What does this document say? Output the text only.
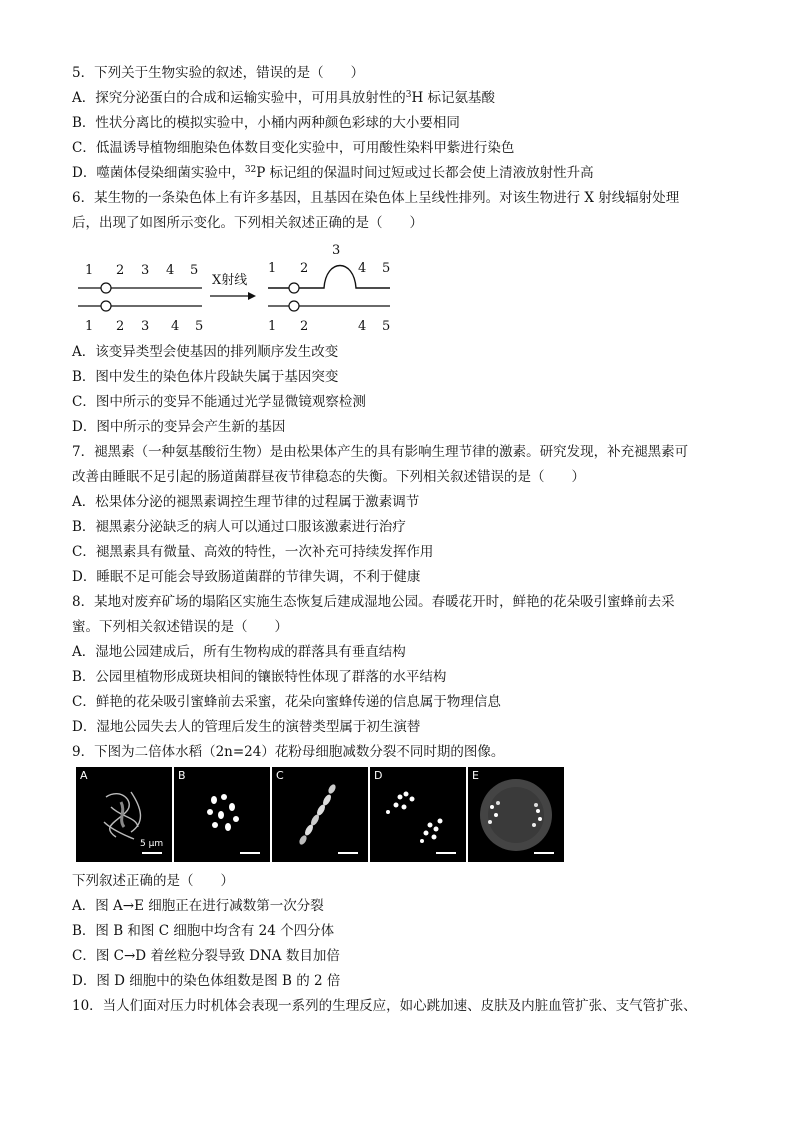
5．下列关于生物实验的叙述，错误的是（　　）
A．探究分泌蛋白的合成和运输实验中，可用具放射性的$^3$H 标记氨基酸
B．性状分离比的模拟实验中，小桶内两种颜色彩球的大小要相同
C．低温诱导植物细胞染色体数目变化实验中，可用酸性染料甲紫进行染色
D．噬菌体侵染细菌实验中，$^{32}$P 标记组的保温时间过短或过长都会使上清液放射性升高
6．某生物的一条染色体上有许多基因，且基因在染色体上呈线性排列。对该生物进行 X 射线辐射处理
后，出现了如图所示变化。下列相关叙述正确的是（　　）
1 2 3 4 5
1 2 3 4 5
X射线
1 2
3
4 5
1 2	4 5
A．该变异类型会使基因的排列顺序发生改变
B．图中发生的染色体片段缺失属于基因突变
C．图中所示的变异不能通过光学显微镜观察检测
D．图中所示的变异会产生新的基因
7．褪黑素（一种氨基酸衍生物）是由松果体产生的具有影响生理节律的激素。研究发现，补充褪黑素可
改善由睡眠不足引起的肠道菌群昼夜节律稳态的失衡。下列相关叙述错误的是（　　）
A．松果体分泌的褪黑素调控生理节律的过程属于激素调节
B．褪黑素分泌缺乏的病人可以通过口服该激素进行治疗
C．褪黑素具有微量、高效的特性，一次补充可持续发挥作用
D．睡眠不足可能会导致肠道菌群的节律失调，不利于健康
8．某地对废弃矿场的塌陷区实施生态恢复后建成湿地公园。春暖花开时，鲜艳的花朵吸引蜜蜂前去采
蜜。下列相关叙述错误的是（　　）
A．湿地公园建成后，所有生物构成的群落具有垂直结构
B．公园里植物形成斑块相间的镶嵌特性体现了群落的水平结构
C．鲜艳的花朵吸引蜜蜂前去采蜜，花朵向蜜蜂传递的信息属于物理信息
D．湿地公园失去人的管理后发生的演替类型属于初生演替
9．下图为二倍体水稻（2n=24）花粉母细胞减数分裂不同时期的图像。
A
5 μm
B	C	D	E
下列叙述正确的是（　　）
A．图 A→E 细胞正在进行减数第一次分裂
B．图 B 和图 C 细胞中均含有 24 个四分体
C．图 C→D 着丝粒分裂导致 DNA 数目加倍
D．图 D 细胞中的染色体组数是图 B 的 2 倍
10．当人们面对压力时机体会表现一系列的生理反应，如心跳加速、皮肤及内脏血管扩张、支气管扩张、
